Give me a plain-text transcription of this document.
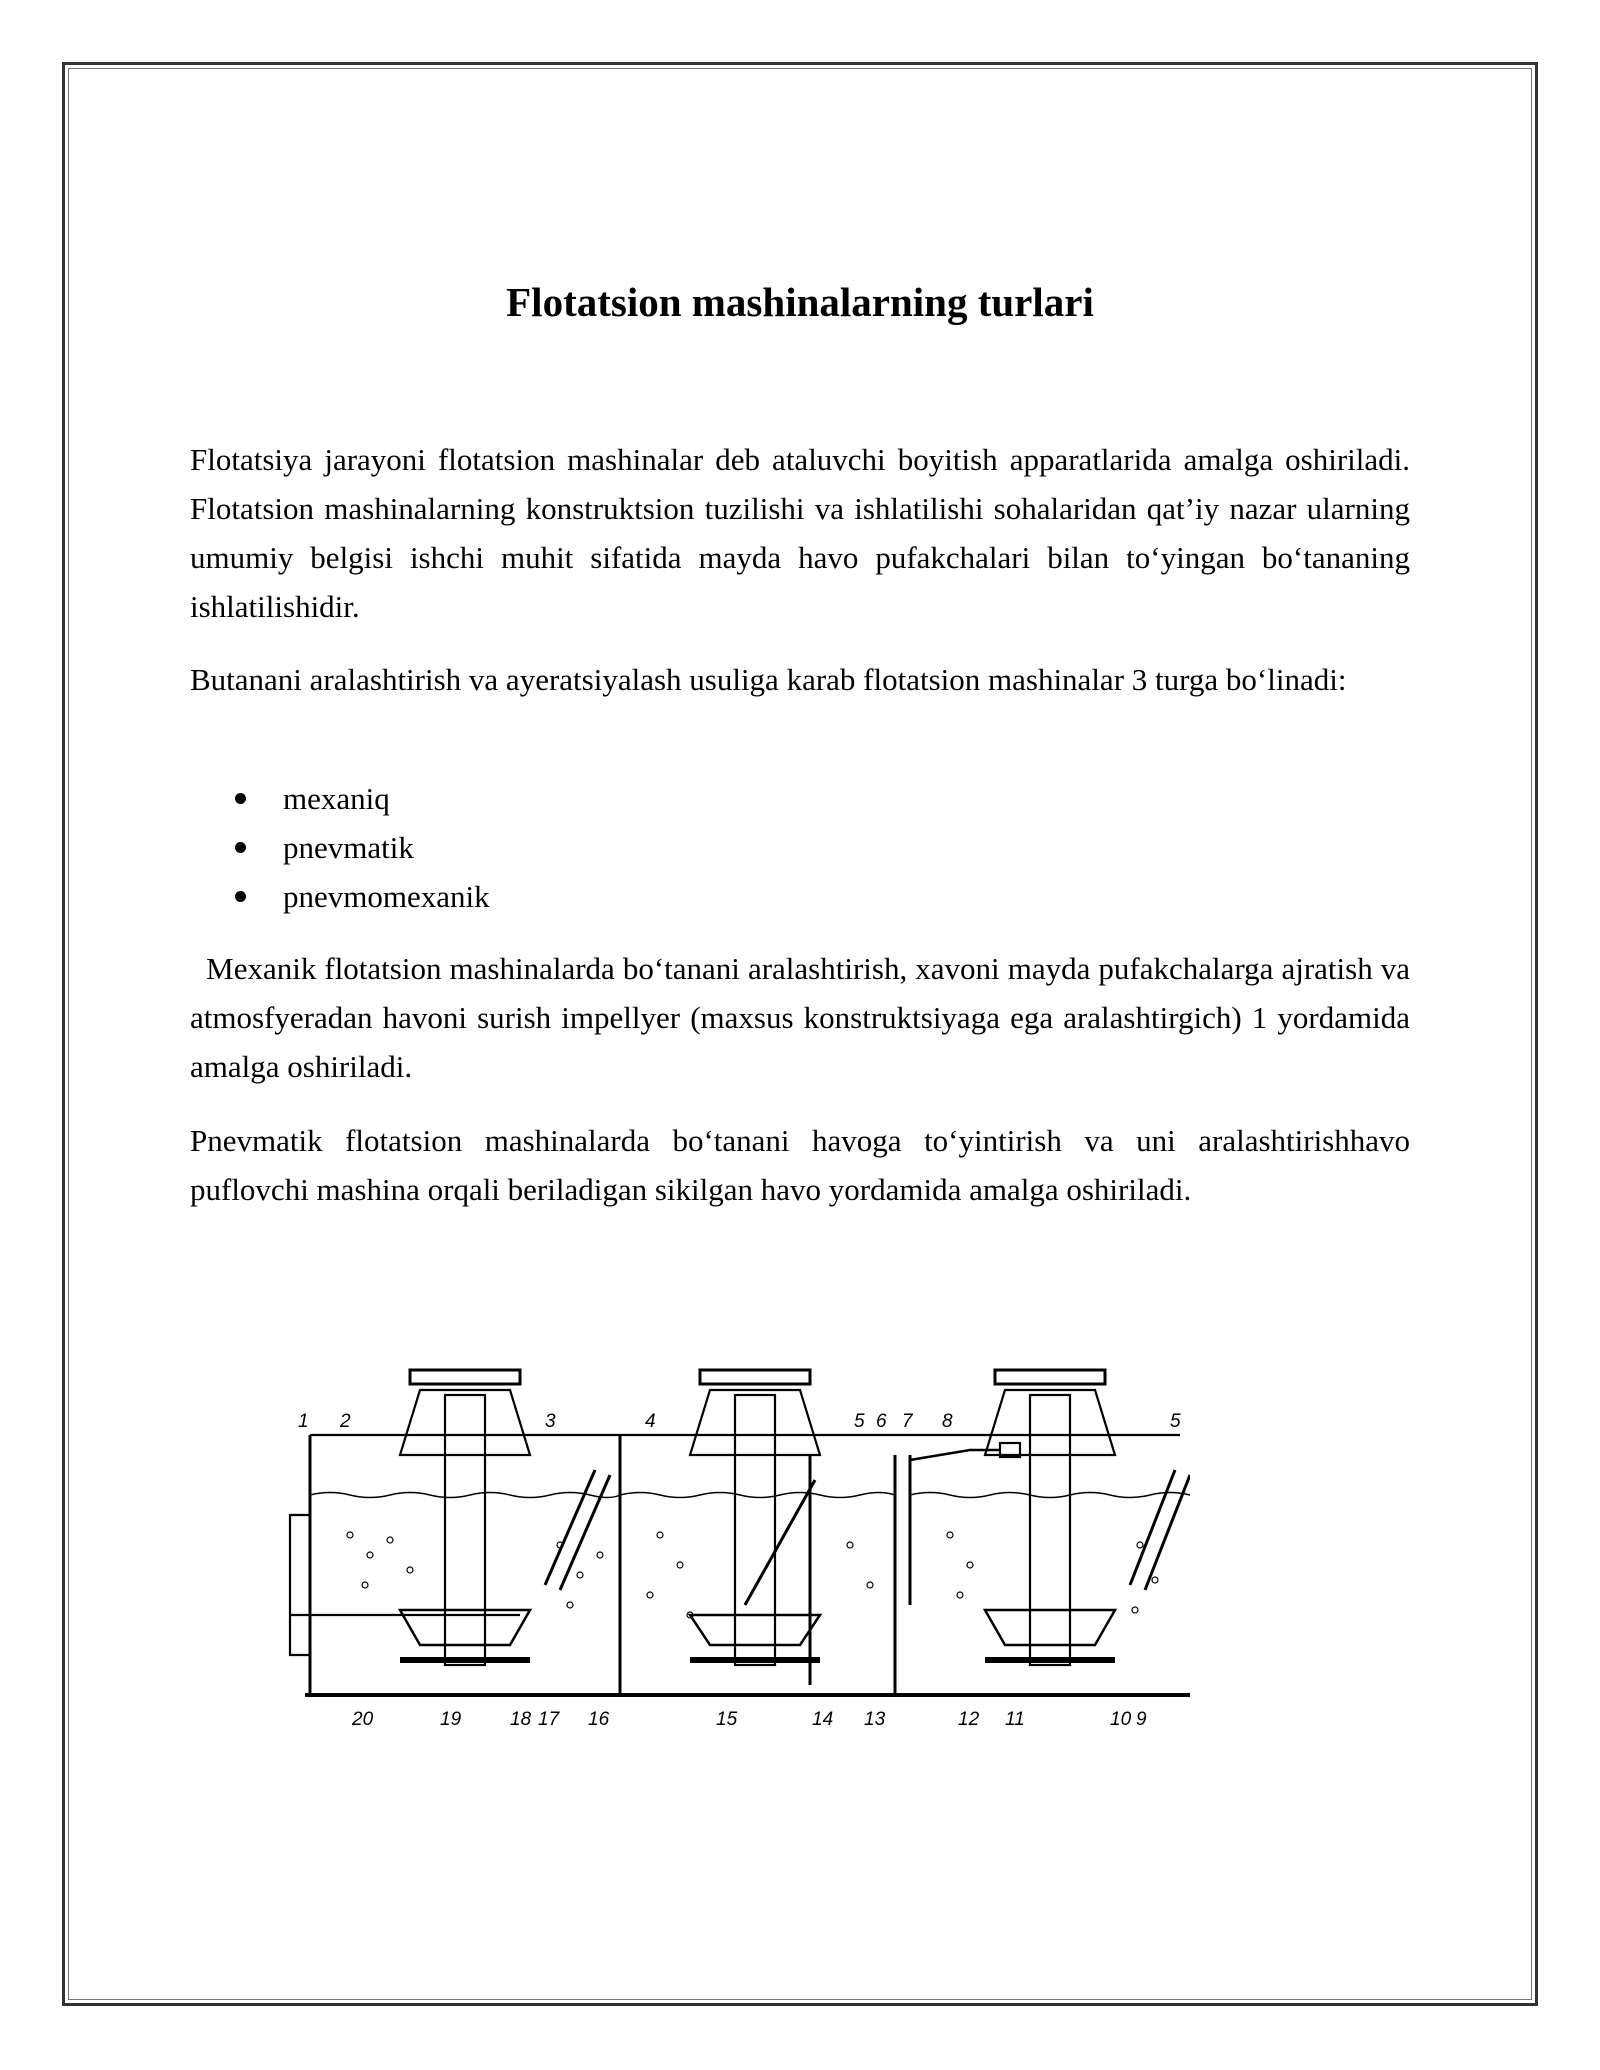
Flotatsion mashinalarning turlari

Flotatsiya jarayoni flotatsion mashinalar deb ataluvchi boyitish apparatlarida amalga oshiriladi. Flotatsion mashinalarning konstruktsion tuzilishi va ishlatilishi sohalaridan qat’iy nazar ularning umumiy belgisi ishchi muhit sifatida mayda havo pufakchalari bilan to‘yingan bo‘tananing ishlatilishidir.

Butanani aralashtirish va ayeratsiyalash usuliga karab flotatsion mashinalar 3 turga bo‘linadi:

mexaniq
pnevmatik
pnevmomexanik

Mexanik flotatsion mashinalarda bo‘tanani aralashtirish, xavoni mayda pufakchalarga ajratish va atmosfyeradan havoni surish impellyer (maxsus konstruktsiyaga ega aralashtirgich) 1 yordamida amalga oshiriladi.

Pnevmatik flotatsion mashinalarda bo‘tanani havoga to‘yintirish va uni aralashtirishhavo puflovchi mashina orqali beriladigan sikilgan havo yordamida amalga oshiriladi.

1 2	3	4	5 6 7 8	5
20	19	18 17 16	15	14 13	12 11	10 9
